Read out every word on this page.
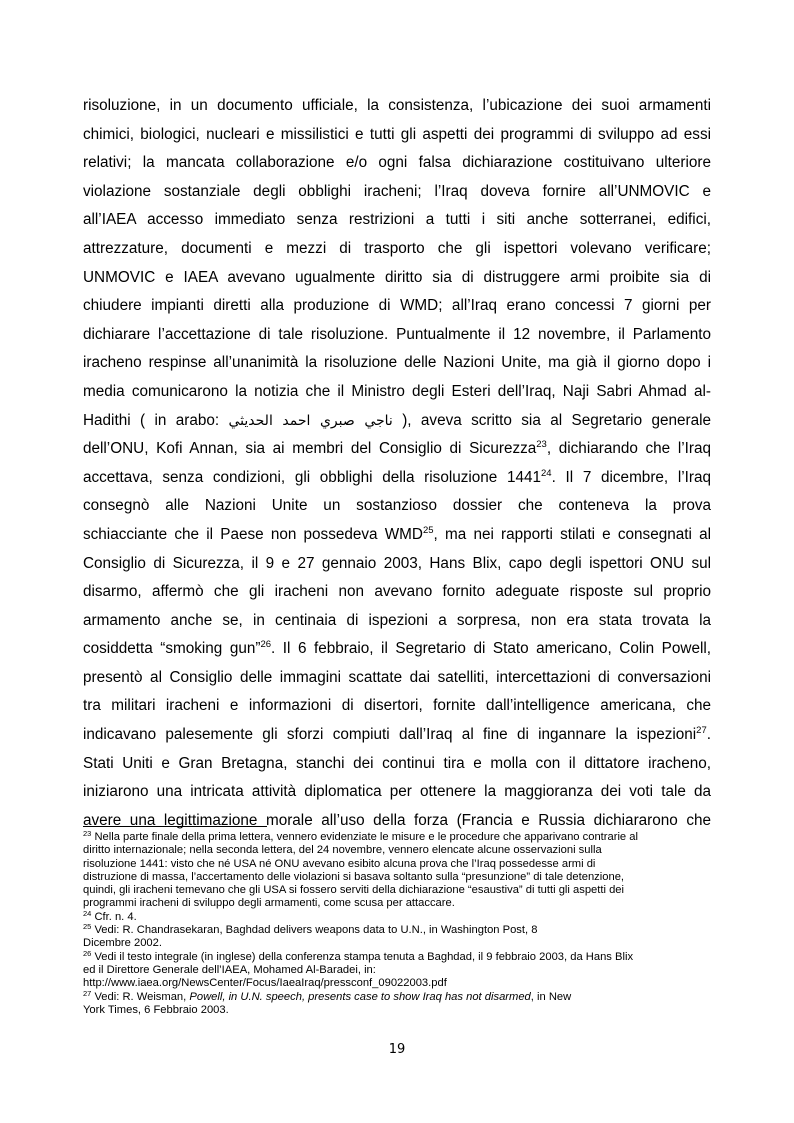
risoluzione, in un documento ufficiale, la consistenza, l’ubicazione dei suoi armamenti
chimici, biologici, nucleari e missilistici e tutti gli aspetti dei programmi di sviluppo ad essi
relativi; la mancata collaborazione e/o ogni falsa dichiarazione costituivano ulteriore
violazione sostanziale degli obblighi iracheni; l’Iraq doveva fornire all’UNMOVIC e
all’IAEA accesso immediato senza restrizioni a tutti i siti anche sotterranei, edifici,
attrezzature, documenti e mezzi di trasporto che gli ispettori volevano verificare;
UNMOVIC e IAEA avevano ugualmente diritto sia di distruggere armi proibite sia di
chiudere impianti diretti alla produzione di WMD; all’Iraq erano concessi 7 giorni per
dichiarare l’accettazione di tale risoluzione. Puntualmente il 12 novembre, il Parlamento
iracheno respinse all’unanimità la risoluzione delle Nazioni Unite, ma già il giorno dopo i
media comunicarono la notizia che il Ministro degli Esteri dell’Iraq, Naji Sabri Ahmad al-
Hadithi ( in arabo: ناجي صبري احمد الحديثي ), aveva scritto sia al Segretario generale
dell’ONU, Kofi Annan, sia ai membri del Consiglio di Sicurezza$^{23}$, dichiarando che l’Iraq
accettava, senza condizioni, gli obblighi della risoluzione 1441$^{24}$. Il 7 dicembre, l’Iraq
consegnò alle Nazioni Unite un sostanzioso dossier che conteneva la prova
schiacciante che il Paese non possedeva WMD$^{25}$, ma nei rapporti stilati e consegnati al
Consiglio di Sicurezza, il 9 e 27 gennaio 2003, Hans Blix, capo degli ispettori ONU sul
disarmo, affermò che gli iracheni non avevano fornito adeguate risposte sul proprio
armamento anche se, in centinaia di ispezioni a sorpresa, non era stata trovata la
cosiddetta “smoking gun”$^{26}$. Il 6 febbraio, il Segretario di Stato americano, Colin Powell,
presentò al Consiglio delle immagini scattate dai satelliti, intercettazioni di conversazioni
tra militari iracheni e informazioni di disertori, fornite dall’intelligence americana, che
indicavano palesemente gli sforzi compiuti dall’Iraq al fine di ingannare la ispezioni$^{27}$.
Stati Uniti e Gran Bretagna, stanchi dei continui tira e molla con il dittatore iracheno,
iniziarono una intricata attività diplomatica per ottenere la maggioranza dei voti tale da
avere una legittimazione morale all’uso della forza (Francia e Russia dichiararono che
$^{23}$ Nella parte finale della prima lettera, vennero evidenziate le misure e le procedure che apparivano contrarie al
diritto internazionale; nella seconda lettera, del 24 novembre, vennero elencate alcune osservazioni sulla
risoluzione 1441: visto che né USA né ONU avevano esibito alcuna prova che l’Iraq possedesse armi di
distruzione di massa, l’accertamento delle violazioni si basava soltanto sulla “presunzione” di tale detenzione,
quindi, gli iracheni temevano che gli USA si fossero serviti della dichiarazione “esaustiva” di tutti gli aspetti dei
programmi iracheni di sviluppo degli armamenti, come scusa per attaccare.
$^{24}$ Cfr. n. 4.
$^{25}$ Vedi: R. Chandrasekaran, Baghdad delivers weapons data to U.N., in Washington Post, 8
Dicembre 2002.
$^{26}$ Vedi il testo integrale (in inglese) della conferenza stampa tenuta a Baghdad, il 9 febbraio 2003, da Hans Blix
ed il Direttore Generale dell’IAEA, Mohamed Al-Baradei, in:
http://www.iaea.org/NewsCenter/Focus/IaeaIraq/pressconf_09022003.pdf
$^{27}$ Vedi: R. Weisman, Powell, in U.N. speech, presents case to show Iraq has not disarmed, in New
York Times, 6 Febbraio 2003.
19
